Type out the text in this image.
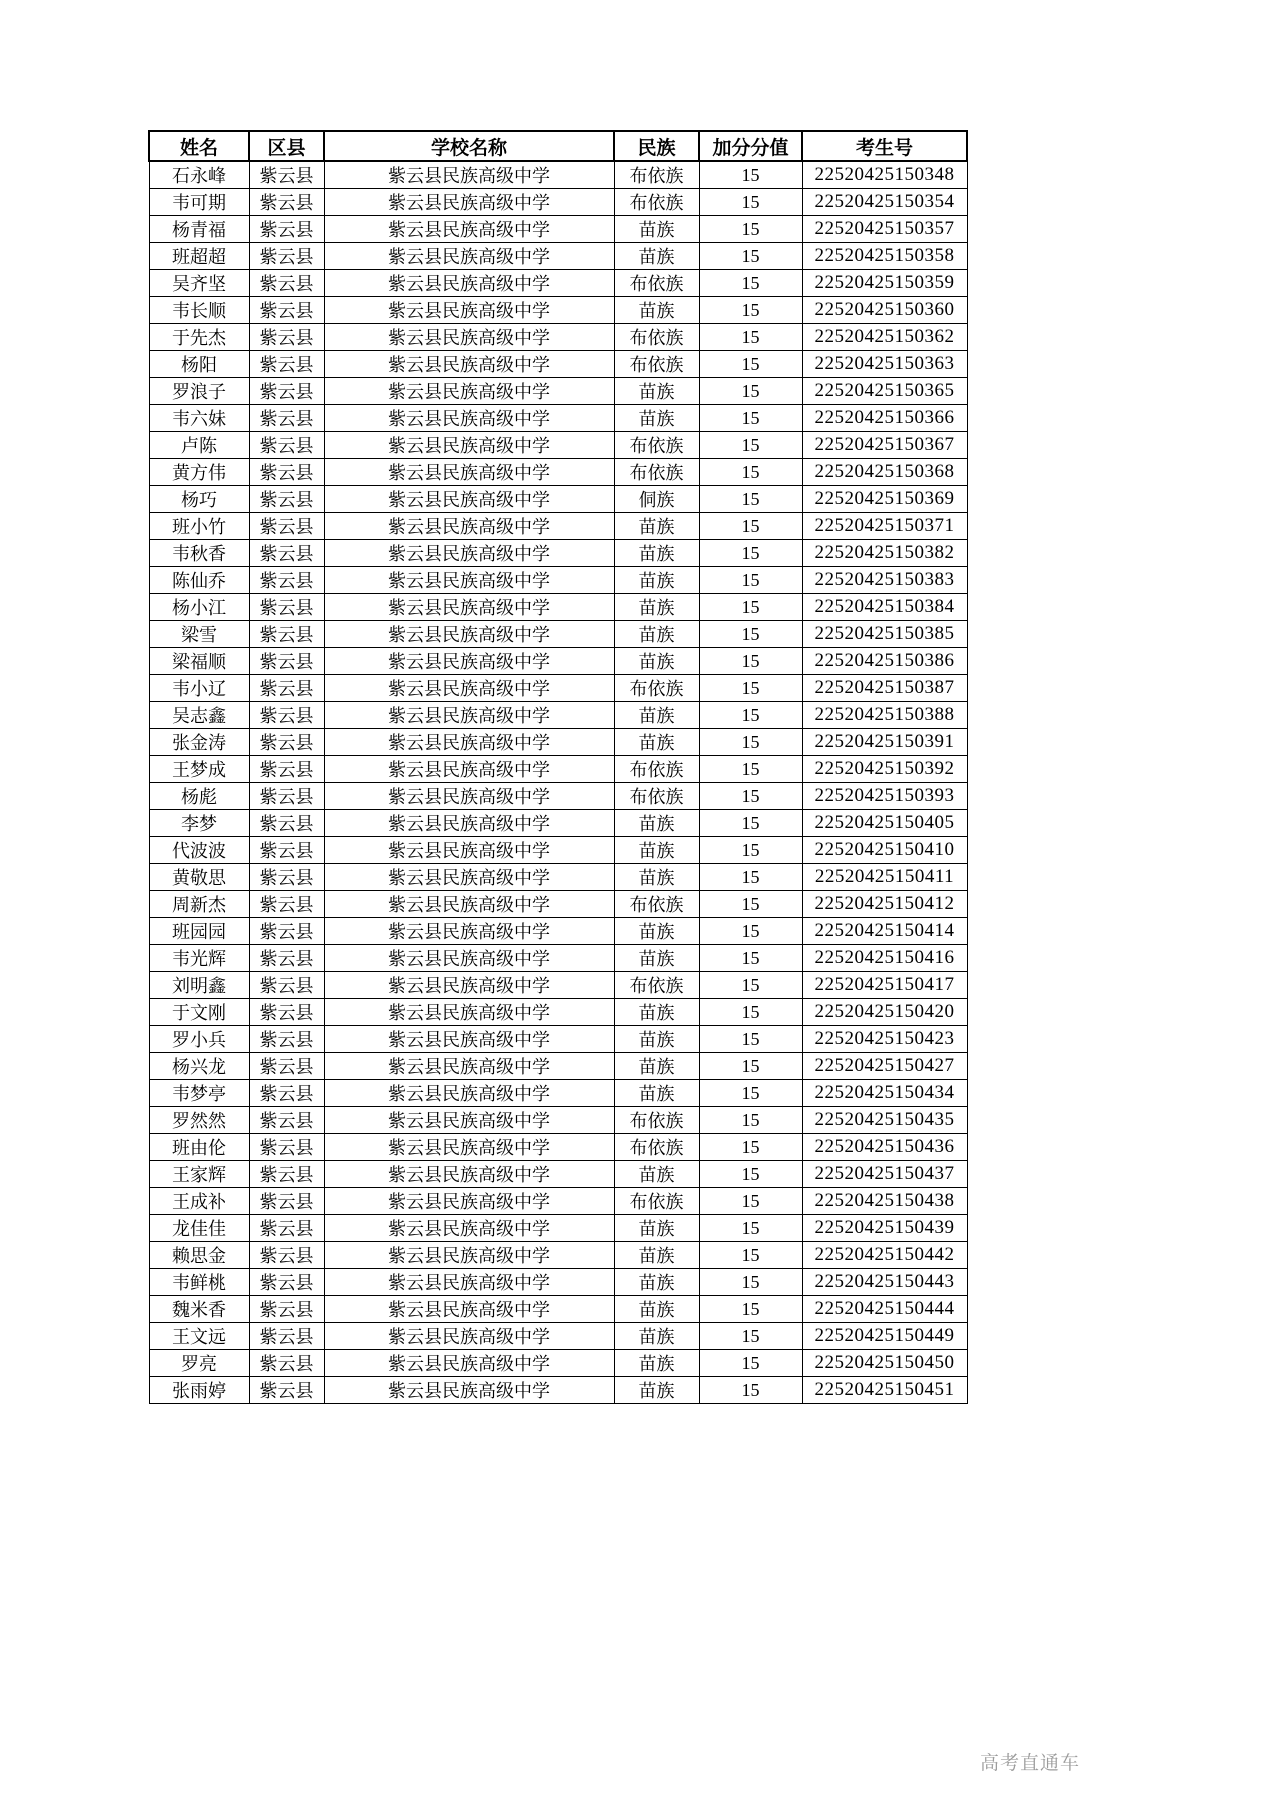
姓名	区县	学校名称	民族	加分分值	考生号
石永峰	紫云县	紫云县民族高级中学	布依族	15	22520425150348
韦可期	紫云县	紫云县民族高级中学	布依族	15	22520425150354
杨青福	紫云县	紫云县民族高级中学	苗族	15	22520425150357
班超超	紫云县	紫云县民族高级中学	苗族	15	22520425150358
吴齐坚	紫云县	紫云县民族高级中学	布依族	15	22520425150359
韦长顺	紫云县	紫云县民族高级中学	苗族	15	22520425150360
于先杰	紫云县	紫云县民族高级中学	布依族	15	22520425150362
杨阳	紫云县	紫云县民族高级中学	布依族	15	22520425150363
罗浪子	紫云县	紫云县民族高级中学	苗族	15	22520425150365
韦六妹	紫云县	紫云县民族高级中学	苗族	15	22520425150366
卢陈	紫云县	紫云县民族高级中学	布依族	15	22520425150367
黄方伟	紫云县	紫云县民族高级中学	布依族	15	22520425150368
杨巧	紫云县	紫云县民族高级中学	侗族	15	22520425150369
班小竹	紫云县	紫云县民族高级中学	苗族	15	22520425150371
韦秋香	紫云县	紫云县民族高级中学	苗族	15	22520425150382
陈仙乔	紫云县	紫云县民族高级中学	苗族	15	22520425150383
杨小江	紫云县	紫云县民族高级中学	苗族	15	22520425150384
梁雪	紫云县	紫云县民族高级中学	苗族	15	22520425150385
梁福顺	紫云县	紫云县民族高级中学	苗族	15	22520425150386
韦小辽	紫云县	紫云县民族高级中学	布依族	15	22520425150387
吴志鑫	紫云县	紫云县民族高级中学	苗族	15	22520425150388
张金涛	紫云县	紫云县民族高级中学	苗族	15	22520425150391
王梦成	紫云县	紫云县民族高级中学	布依族	15	22520425150392
杨彪	紫云县	紫云县民族高级中学	布依族	15	22520425150393
李梦	紫云县	紫云县民族高级中学	苗族	15	22520425150405
代波波	紫云县	紫云县民族高级中学	苗族	15	22520425150410
黄敬思	紫云县	紫云县民族高级中学	苗族	15	22520425150411
周新杰	紫云县	紫云县民族高级中学	布依族	15	22520425150412
班园园	紫云县	紫云县民族高级中学	苗族	15	22520425150414
韦光辉	紫云县	紫云县民族高级中学	苗族	15	22520425150416
刘明鑫	紫云县	紫云县民族高级中学	布依族	15	22520425150417
于文刚	紫云县	紫云县民族高级中学	苗族	15	22520425150420
罗小兵	紫云县	紫云县民族高级中学	苗族	15	22520425150423
杨兴龙	紫云县	紫云县民族高级中学	苗族	15	22520425150427
韦梦亭	紫云县	紫云县民族高级中学	苗族	15	22520425150434
罗然然	紫云县	紫云县民族高级中学	布依族	15	22520425150435
班由伦	紫云县	紫云县民族高级中学	布依族	15	22520425150436
王家辉	紫云县	紫云县民族高级中学	苗族	15	22520425150437
王成补	紫云县	紫云县民族高级中学	布依族	15	22520425150438
龙佳佳	紫云县	紫云县民族高级中学	苗族	15	22520425150439
赖思金	紫云县	紫云县民族高级中学	苗族	15	22520425150442
韦鲜桃	紫云县	紫云县民族高级中学	苗族	15	22520425150443
魏米香	紫云县	紫云县民族高级中学	苗族	15	22520425150444
王文远	紫云县	紫云县民族高级中学	苗族	15	22520425150449
罗亮	紫云县	紫云县民族高级中学	苗族	15	22520425150450
张雨婷	紫云县	紫云县民族高级中学	苗族	15	22520425150451
高考直通车
